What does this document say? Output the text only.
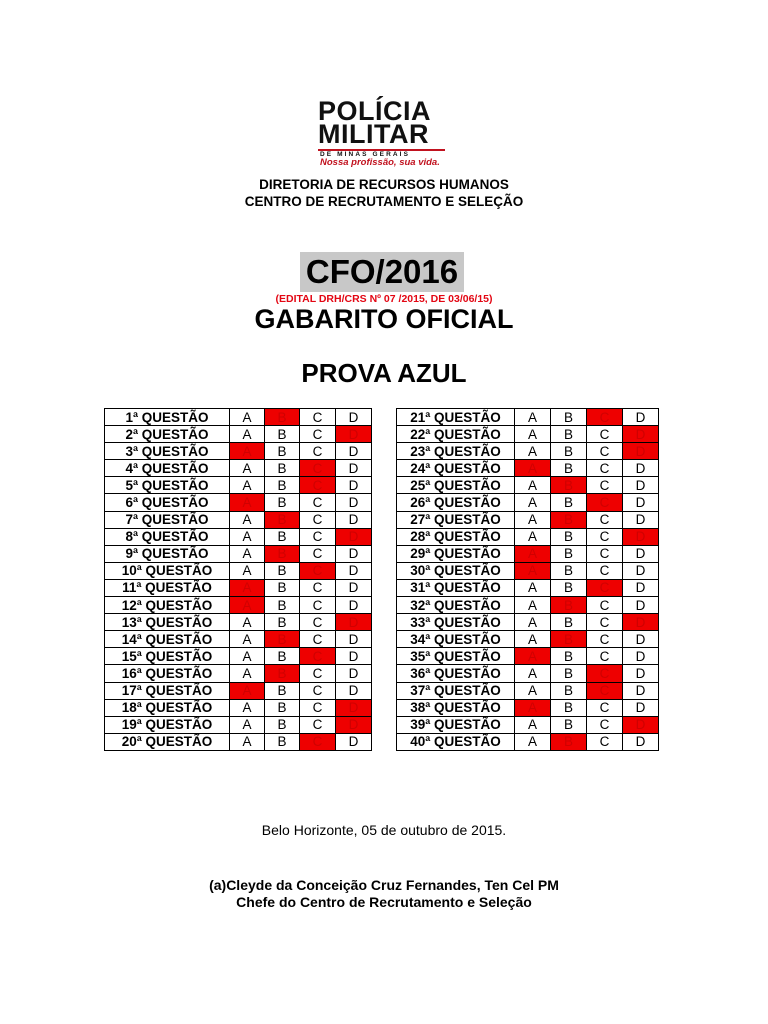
POLÍCIA
MILITAR
DE MINAS GERAIS
Nossa profissão, sua vida.
DIRETORIA DE RECURSOS HUMANOS
CENTRO DE RECRUTAMENTO E SELEÇÃO
CFO/2016
(EDITAL DRH/CRS Nº 07 /2015, DE 03/06/15)
GABARITO OFICIAL
PROVA AZUL
1ª QUESTÃO	A	B	C	D
2ª QUESTÃO	A	B	C	D
3ª QUESTÃO	A	B	C	D
4ª QUESTÃO	A	B	C	D
5ª QUESTÃO	A	B	C	D
6ª QUESTÃO	A	B	C	D
7ª QUESTÃO	A	B	C	D
8ª QUESTÃO	A	B	C	D
9ª QUESTÃO	A	B	C	D
10ª QUESTÃO	A	B	C	D
11ª QUESTÃO	A	B	C	D
12ª QUESTÃO	A	B	C	D
13ª QUESTÃO	A	B	C	D
14ª QUESTÃO	A	B	C	D
15ª QUESTÃO	A	B	C	D
16ª QUESTÃO	A	B	C	D
17ª QUESTÃO	A	B	C	D
18ª QUESTÃO	A	B	C	D
19ª QUESTÃO	A	B	C	D
20ª QUESTÃO	A	B	C	D
21ª QUESTÃO	A	B	C	D
22ª QUESTÃO	A	B	C	D
23ª QUESTÃO	A	B	C	D
24ª QUESTÃO	A	B	C	D
25ª QUESTÃO	A	B	C	D
26ª QUESTÃO	A	B	C	D
27ª QUESTÃO	A	B	C	D
28ª QUESTÃO	A	B	C	D
29ª QUESTÃO	A	B	C	D
30ª QUESTÃO	A	B	C	D
31ª QUESTÃO	A	B	C	D
32ª QUESTÃO	A	B	C	D
33ª QUESTÃO	A	B	C	D
34ª QUESTÃO	A	B	C	D
35ª QUESTÃO	A	B	C	D
36ª QUESTÃO	A	B	C	D
37ª QUESTÃO	A	B	C	D
38ª QUESTÃO	A	B	C	D
39ª QUESTÃO	A	B	C	D
40ª QUESTÃO	A	B	C	D
Belo Horizonte, 05 de outubro de 2015.
(a)Cleyde da Conceição Cruz Fernandes, Ten Cel PM
Chefe do Centro de Recrutamento e Seleção
